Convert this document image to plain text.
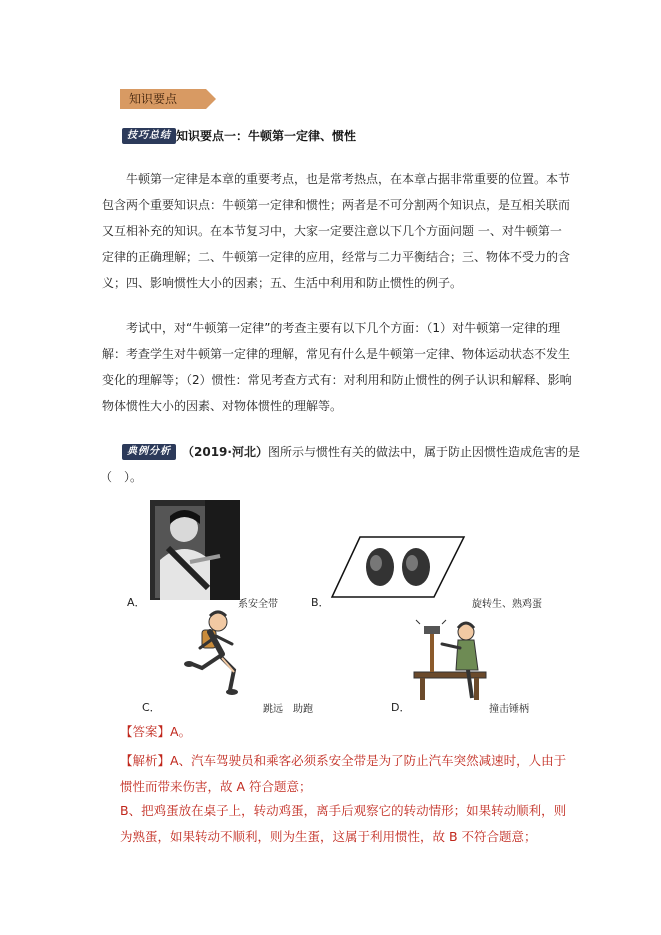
知识要点
技巧总结 知识要点一：牛顿第一定律、惯性

牛顿第一定律是本章的重要考点，也是常考热点，在本章占据非常重要的位置。本节包含两个重要知识点：牛顿第一定律和惯性；两者是不可分割两个知识点，是互相关联而又互相补充的知识。在本节复习中，大家一定要注意以下几个方面问题 一、对牛顿第一定律的正确理解；二、牛顿第一定律的应用，经常与二力平衡结合；三、物体不受力的含义；四、影响惯性大小的因素；五、生活中利用和防止惯性的例子。

考试中，对“牛顿第一定律”的考查主要有以下几个方面：（1）对牛顿第一定律的理解：考查学生对牛顿第一定律的理解，常见有什么是牛顿第一定律、物体运动状态不发生变化的理解等；（2）惯性：常见考查方式有：对利用和防止惯性的例子认识和解释、影响物体惯性大小的因素、对物体惯性的理解等。

典例分析 （2019·河北） 图所示与惯性有关的做法中，属于防止因惯性造成危害的是
（　）。
A．	系安全带	B．	旋转生、熟鸡蛋
C．	跳远　助跑	D．	撞击锤柄
【答案】A。
【解析】A、汽车驾驶员和乘客必须系安全带是为了防止汽车突然减速时，人由于惯性而带来伤害，故 A 符合题意；
B、把鸡蛋放在桌子上，转动鸡蛋，离手后观察它的转动情形；如果转动顺利，则为熟蛋，如果转动不顺利，则为生蛋，这属于利用惯性，故 B 不符合题意；
